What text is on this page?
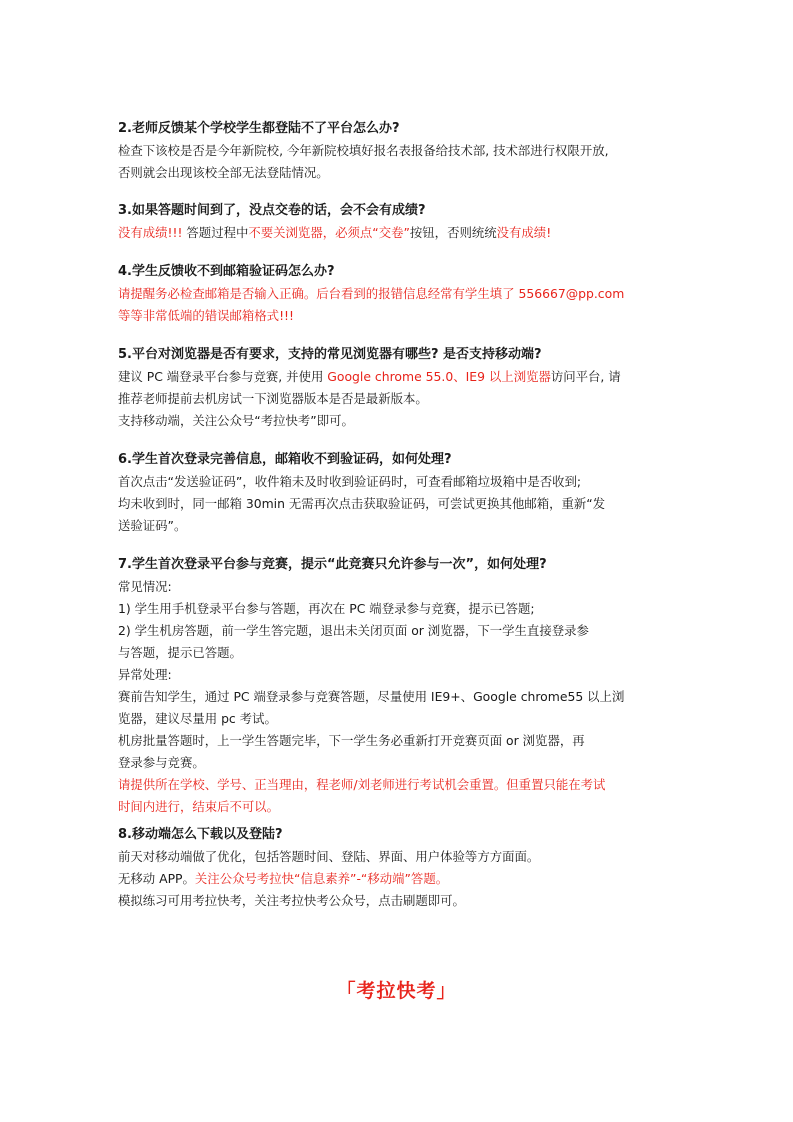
2.老师反馈某个学校学生都登陆不了平台怎么办?

检查下该校是否是今年新院校, 今年新院校填好报名表报备给技术部, 技术部进行权限开放,

否则就会出现该校全部无法登陆情况。

3.如果答题时间到了，没点交卷的话，会不会有成绩?

没有成绩!!! 答题过程中不要关浏览器，必须点“交卷”按钮，否则统统没有成绩!

4.学生反馈收不到邮箱验证码怎么办?

请提醒务必检查邮箱是否输入正确。后台看到的报错信息经常有学生填了 556667@pp.com

等等非常低端的错误邮箱格式!!!

5.平台对浏览器是否有要求，支持的常见浏览器有哪些? 是否支持移动端?

建议 PC 端登录平台参与竞赛, 并使用 Google chrome 55.0、IE9 以上浏览器访问平台, 请

推荐老师提前去机房试一下浏览器版本是否是最新版本。

支持移动端，关注公众号“考拉快考”即可。

6.学生首次登录完善信息，邮箱收不到验证码，如何处理?

首次点击“发送验证码”，收件箱未及时收到验证码时，可查看邮箱垃圾箱中是否收到;

均未收到时，同一邮箱 30min 无需再次点击获取验证码，可尝试更换其他邮箱，重新“发

送验证码”。

7.学生首次登录平台参与竞赛，提示“此竞赛只允许参与一次”，如何处理?

常见情况:

1) 学生用手机登录平台参与答题，再次在 PC 端登录参与竞赛，提示已答题;

2) 学生机房答题，前一学生答完题，退出未关闭页面 or 浏览器，下一学生直接登录参

与答题，提示已答题。

异常处理:

赛前告知学生，通过 PC 端登录参与竞赛答题，尽量使用 IE9+、Google chrome55 以上浏

览器，建议尽量用 pc 考试。

机房批量答题时，上一学生答题完毕，下一学生务必重新打开竞赛页面 or 浏览器，再

登录参与竞赛。

请提供所在学校、学号、正当理由，程老师/刘老师进行考试机会重置。但重置只能在考试

时间内进行，结束后不可以。

8.移动端怎么下载以及登陆?

前天对移动端做了优化，包括答题时间、登陆、界面、用户体验等方方面面。

无移动 APP。关注公众号考拉快“信息素养”-“移动端”答题。

模拟练习可用考拉快考，关注考拉快考公众号，点击刷题即可。

「考拉快考」
